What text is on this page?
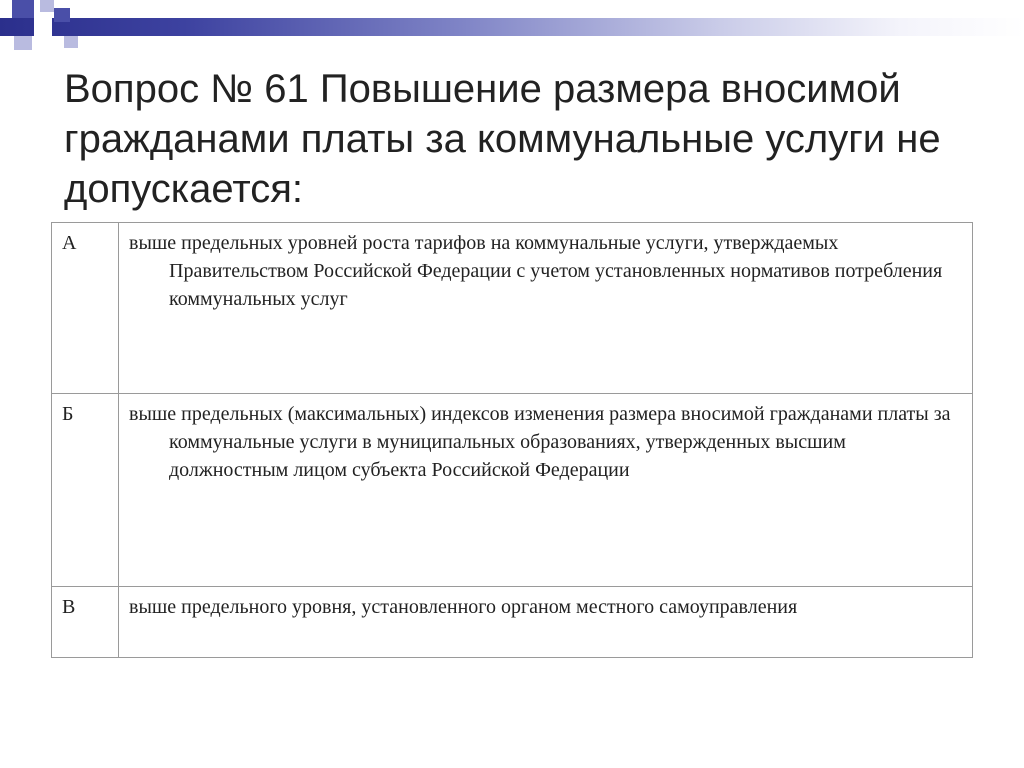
Вопрос № 61 Повышение размера вносимой гражданами платы за коммунальные услуги не допускается:
А	выше предельных уровней роста тарифов на коммунальные услуги, утверждаемых Правительством Российской Федерации с учетом установленных нормативов потребления коммунальных услуг

Б	выше предельных (максимальных) индексов изменения размера вносимой гражданами платы за коммунальные услуги в муниципальных образованиях, утвержденных высшим должностным лицом субъекта Российской Федерации

В	выше предельного уровня, установленного органом местного самоуправления
